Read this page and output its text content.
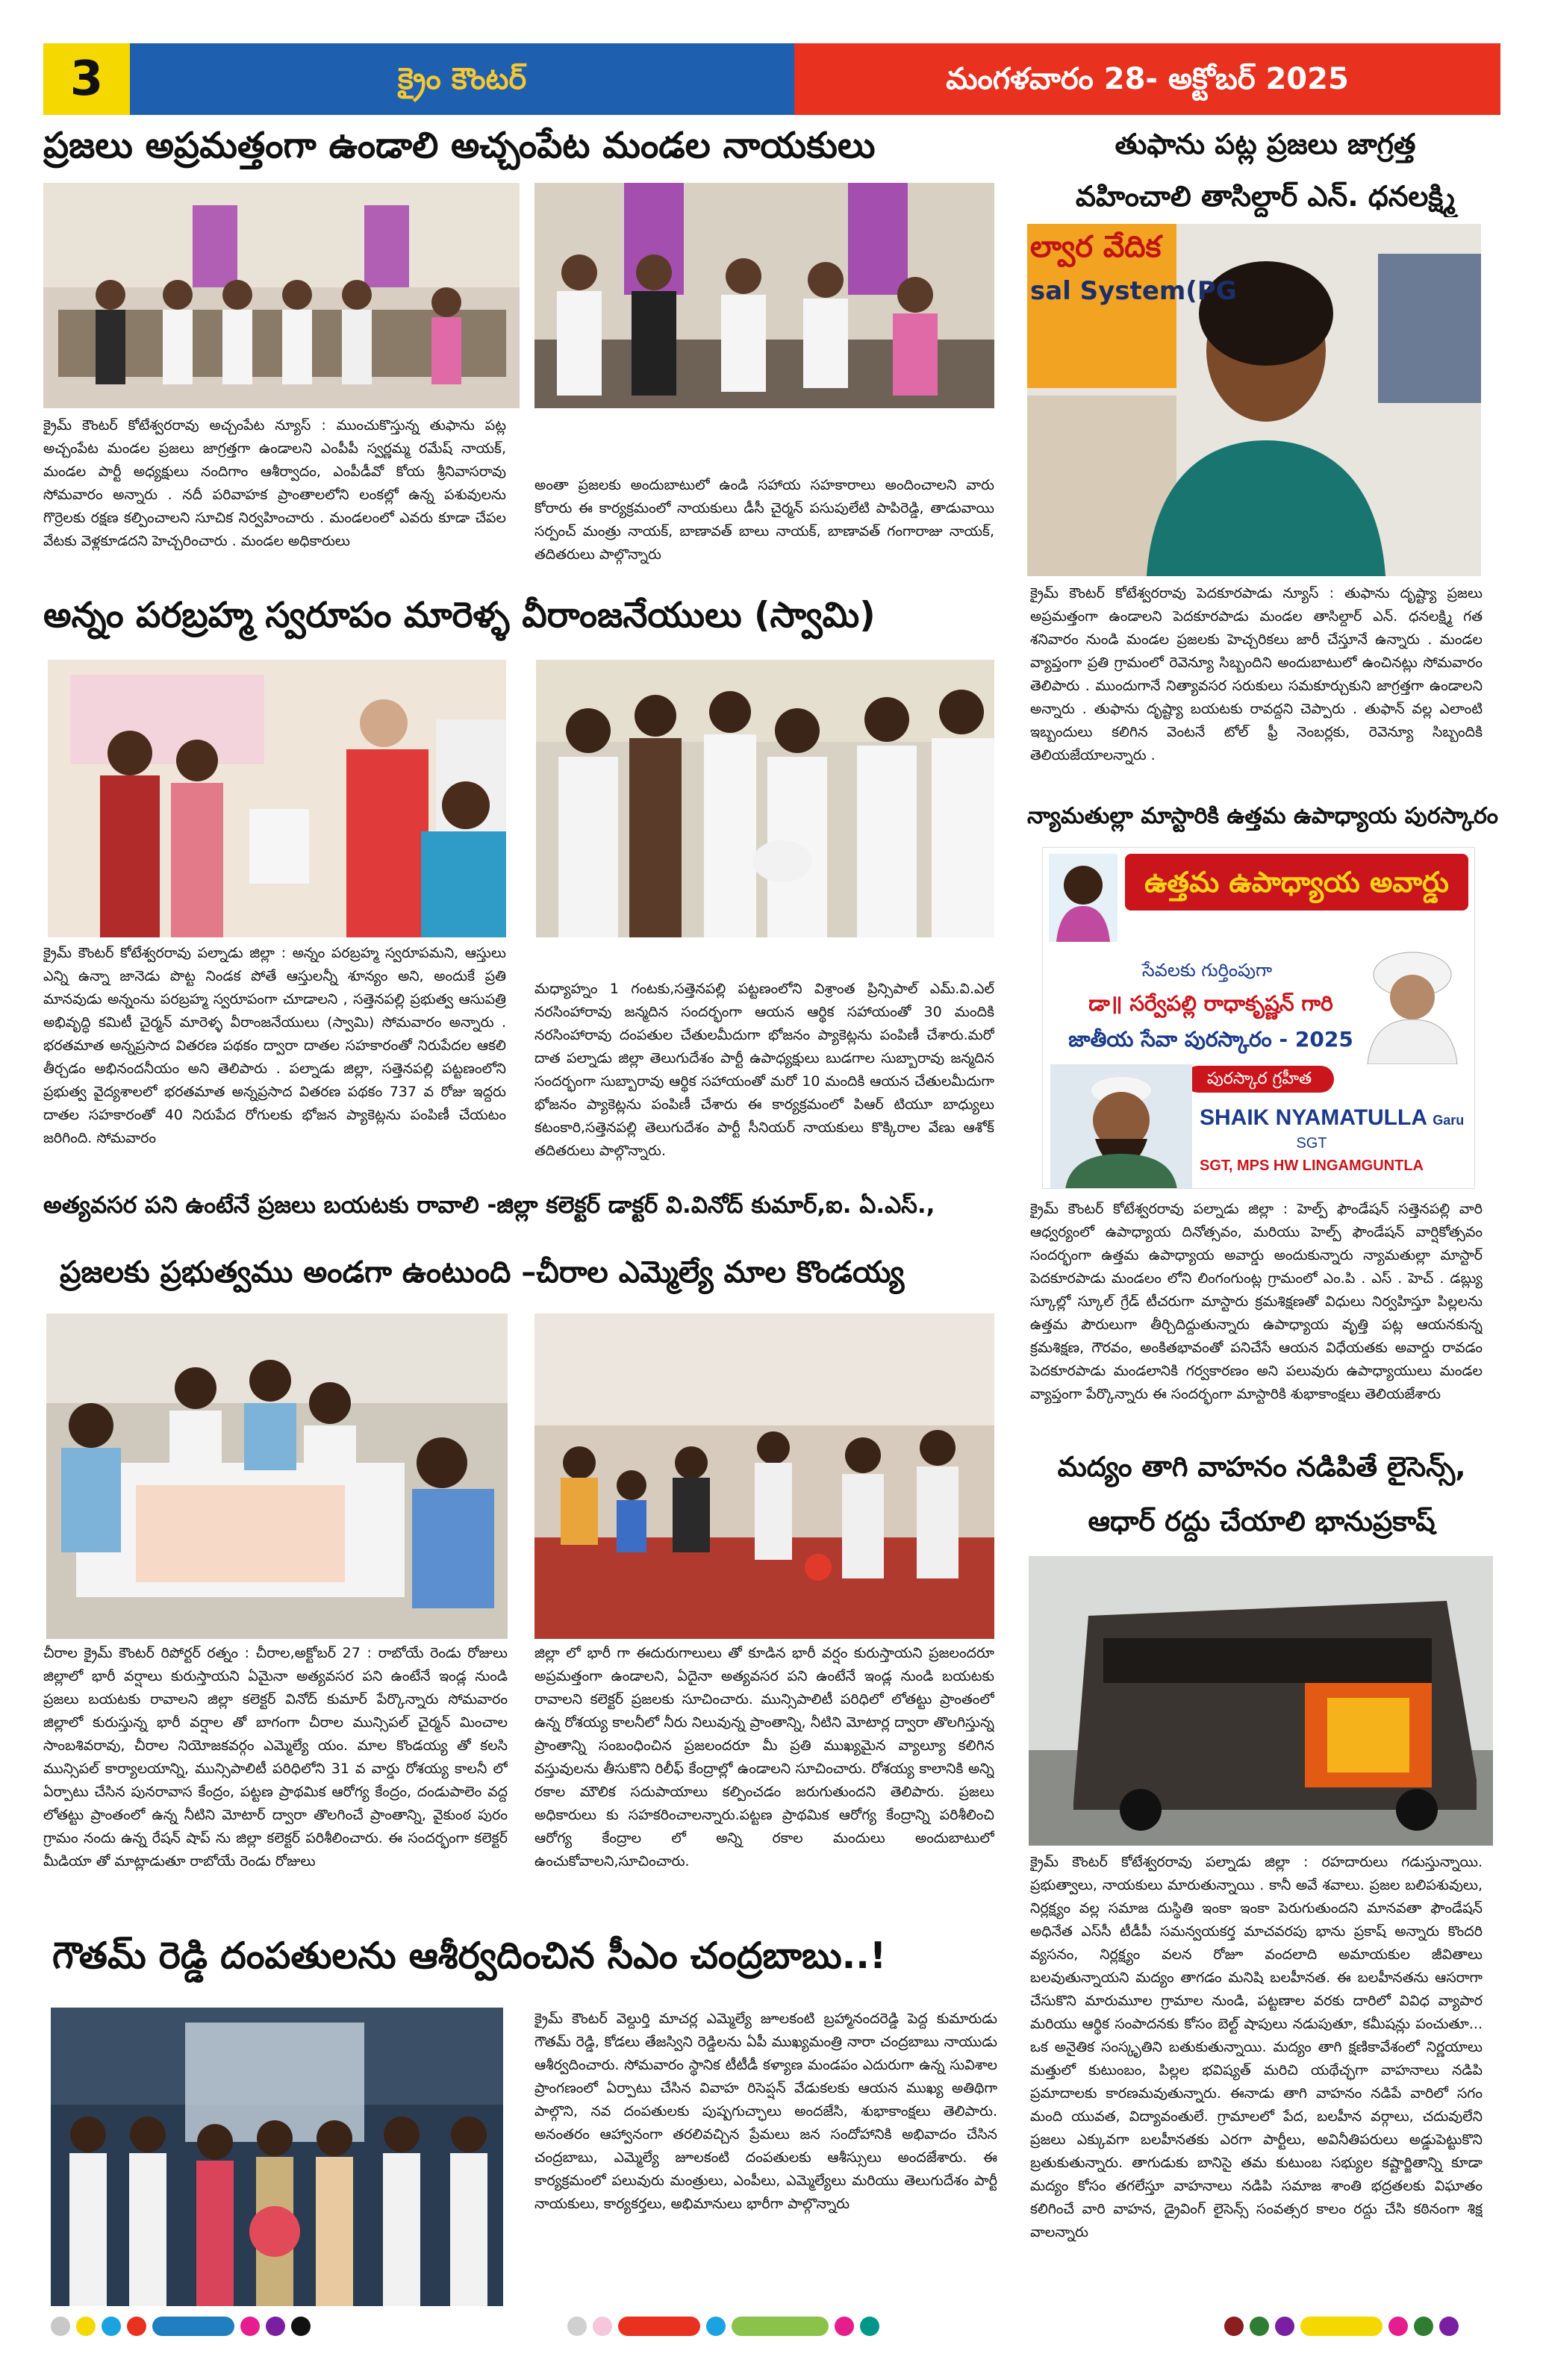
3	క్రైం కౌంటర్	మంగళవారం 28- అక్టోబర్ 2025
ప్రజలు అప్రమత్తంగా ఉండాలి అచ్చంపేట మండల నాయకులు
క్రైమ్ కౌంటర్ కోటేశ్వరరావు అచ్చంపేట న్యూస్ : ముంచుకొస్తున్న తుఫాను పట్ల అచ్చంపేట మండల ప్రజలు జాగ్రత్తగా ఉండాలని ఎంపీపీ స్వర్ణమ్మ రమేష్ నాయక్, మండల పార్టీ అధ్యక్షులు నందిగాం ఆశీర్వాదం, ఎంపీడీవో కోయ శ్రీనివాసరావు సోమవారం అన్నారు . నదీ పరివాహక ప్రాంతాలలోని లంకల్లో ఉన్న పశువులను గొర్రెలకు రక్షణ కల్పించాలని సూచిక నిర్వహించారు . మండలంలో ఎవరు కూడా చేపల వేటకు వెళ్లకూడదని హెచ్చరించారు . మండల అధికారులు
అంతా ప్రజలకు అందుబాటులో ఉండి సహాయ సహకారాలు అందించాలని వారు కోరారు ఈ కార్యక్రమంలో నాయకులు డీసీ చైర్మన్ పసుపులేటి పాపిరెడ్డి, తాడువాయి సర్పంచ్ మంత్రు నాయక్, బాణావత్ బాలు నాయక్, బాణావత్ గంగారాజు నాయక్, తదితరులు పాల్గొన్నారు
తుఫాను పట్ల ప్రజలు జాగ్రత్త
వహించాలి తాసిల్దార్ ఎన్. ధనలక్ష్మి
ల్వార వేదిక
sal System(PG
క్రైమ్ కౌంటర్ కోటేశ్వరరావు పెదకూరపాడు న్యూస్ : తుఫాను దృష్ట్యా ప్రజలు అప్రమత్తంగా ఉండాలని పెదకూరపాడు మండల తాసిల్దార్ ఎన్. ధనలక్ష్మి గత శనివారం నుండి మండల ప్రజలకు హెచ్చరికలు జారీ చేస్తూనే ఉన్నారు . మండల వ్యాప్తంగా ప్రతి గ్రామంలో రెవెన్యూ సిబ్బందిని అందుబాటులో ఉంచినట్లు సోమవారం తెలిపారు . ముందుగానే నిత్యావసర సరుకులు సమకూర్చుకుని జాగ్రత్తగా ఉండాలని అన్నారు . తుఫాను దృష్ట్యా బయటకు రావద్దని చెప్పారు . తుఫాన్ వల్ల ఎలాంటి ఇబ్బందులు కలిగిన వెంటనే టోల్ ఫ్రీ నెంబర్లకు, రెవెన్యూ సిబ్బందికి తెలియజేయాలన్నారు .
అన్నం పరబ్రహ్మ స్వరూపం మారెళ్ళ వీరాంజనేయులు (స్వామి)
క్రైమ్ కౌంటర్ కోటేశ్వరరావు పల్నాడు జిల్లా : అన్నం పరబ్రహ్మ స్వరూపమని, ఆస్తులు ఎన్ని ఉన్నా జానెడు పొట్ట నిండక పోతే ఆస్తులన్నీ శూన్యం అని, అందుకే ప్రతి మానవుడు అన్నంను పరబ్రహ్మ స్వరూపంగా చూడాలని , సత్తెనపల్లి ప్రభుత్వ ఆసుపత్రి అభివృద్ధి కమిటీ చైర్మన్ మారెళ్ళ వీరాంజనేయులు (స్వామి) సోమవారం అన్నారు . భరతమాత అన్నప్రసాద వితరణ పథకం ద్వారా దాతల సహకారంతో నిరుపేదల ఆకలి తీర్చడం అభినందనీయం అని తెలిపారు . పల్నాడు జిల్లా, సత్తెనపల్లి పట్టణంలోని ప్రభుత్వ వైద్యశాలలో భరతమాత అన్నప్రసాద వితరణ పథకం 737 వ రోజు ఇద్దరు దాతల సహకారంతో 40 నిరుపేద రోగులకు భోజన ప్యాకెట్లను పంపిణీ చేయటం జరిగింది. సోమవారం
మధ్యాహ్నం 1 గంటకు,సత్తెనపల్లి పట్టణంలోని విశ్రాంత ప్రిన్సిపాల్ ఎమ్.వి.ఎల్ నరసింహారావు జన్మదిన సందర్భంగా ఆయన ఆర్థిక సహాయంతో 30 మందికి నరసింహారావు దంపతుల చేతులమీదుగా భోజనం ప్యాకెట్లను పంపిణీ చేశారు.మరో దాత పల్నాడు జిల్లా తెలుగుదేశం పార్టీ ఉపాధ్యక్షులు బుడగాల సుబ్బారావు జన్మదిన సందర్భంగా సుబ్బారావు ఆర్థిక సహాయంతో మరో 10 మందికి ఆయన చేతులమీదుగా భోజనం ప్యాకెట్లను పంపిణీ చేశారు ఈ కార్యక్రమంలో పిఆర్ టియూ బాధ్యులు కటంకారి,సత్తెనపల్లి తెలుగుదేశం పార్టీ సీనియర్ నాయకులు కొక్కిరాల వేణు ఆశోక్ తదితరులు పాల్గొన్నారు.
న్యామతుల్లా మాస్టారికి ఉత్తమ ఉపాధ్యాయ పురస్కారం
ఉత్తమ ఉపాధ్యాయ అవార్డు
సేవలకు గుర్తింపుగా
డా॥ సర్వేపల్లి రాధాకృష్ణన్ గారి
జాతీయ సేవా పురస్కారం - 2025
పురస్కార గ్రహీత
SHAIK NYAMATULLA Garu
SGT
SGT, MPS HW LINGAMGUNTLA
క్రైమ్ కౌంటర్ కోటేశ్వరరావు పల్నాడు జిల్లా : హెల్ప్ ఫౌండేషన్ సత్తెనపల్లి వారి ఆధ్వర్యంలో ఉపాధ్యాయ దినోత్సవం, మరియు హెల్ప్ ఫౌండేషన్ వార్షికోత్సవం సందర్భంగా ఉత్తమ ఉపాధ్యాయ అవార్డు అందుకున్నారు న్యామతుల్లా మాస్టార్ పెదకూరపాడు మండలం లోని లింగంగుంట్ల గ్రామంలో ఎం.పి . ఎస్ . హెచ్ . డబ్ల్యు స్కూల్లో స్కూల్ గ్రేడ్ టీచరుగా మాస్టారు క్రమశిక్షణతో విధులు నిర్వహిస్తూ పిల్లలను ఉత్తమ పౌరులుగా తీర్చిదిద్దుతున్నారు ఉపాధ్యాయ వృత్తి పట్ల ఆయనకున్న క్రమశిక్షణ, గౌరవం, అంకితభావంతో పనిచేసే ఆయన విధేయతకు అవార్డు రావడం పెదకూరపాడు మండలానికి గర్వకారణం అని పలువురు ఉపాధ్యాయులు మండల వ్యాప్తంగా పేర్కొన్నారు ఈ సందర్భంగా మాస్టారికి శుభాకాంక్షలు తెలియజేశారు
అత్యవసర పని ఉంటేనే ప్రజలు బయటకు రావాలి -జిల్లా కలెక్టర్ డాక్టర్ వి.వినోద్ కుమార్,ఐ. ఏ.ఎస్.,
ప్రజలకు ప్రభుత్వము అండగా ఉంటుంది –చీరాల ఎమ్మెల్యే మాల కొండయ్య
చీరాల క్రైమ్ కౌంటర్ రిపోర్టర్ రత్నం : చీరాల,అక్టోబర్ 27 : రాబోయే రెండు రోజులు జిల్లాలో భారీ వర్షాలు కురుస్తాయని ఏమైనా అత్యవసర పని ఉంటేనే ఇండ్ల నుండి ప్రజలు బయటకు రావాలని జిల్లా కలెక్టర్ వినోద్ కుమార్ పేర్కొన్నారు సోమవారం జిల్లాలో కురుస్తున్న భారీ వర్షాల తో బాగంగా చీరాల మున్సిపల్ చైర్మన్ మించాల సాంబశివరావు, చీరాల నియోజకవర్గం ఎమ్మెల్యే యం. మాల కొండయ్య తో కలసి మున్సిపల్ కార్యాలయాన్ని, మున్సిపాలిటీ పరిధిలోని 31 వ వార్డు రోశయ్య కాలనీ లో ఏర్పాటు చేసిన పునరావాస కేంద్రం, పట్టణ ప్రాథమిక ఆరోగ్య కేంద్రం, దండుపాలెం వద్ద లోతట్టు ప్రాంతంలో ఉన్న నీటిని మోటార్ ద్వారా తొలగించే ప్రాంతాన్ని, వైకుంఠ పురం గ్రామం నందు ఉన్న రేషన్ షాప్ ను జిల్లా కలెక్టర్ పరిశీలించారు. ఈ సందర్భంగా కలెక్టర్ మీడియా తో మాట్లాడుతూ రాబోయే రెండు రోజులు
జిల్లా లో భారీ గా ఈదురుగాలులు తో కూడిన భారీ వర్షం కురుస్తాయని ప్రజలందరూ అప్రమత్తంగా ఉండాలని, ఏదైనా అత్యవసర పని ఉంటేనే ఇండ్ల నుండి బయటకు రావాలని కలెక్టర్ ప్రజలకు సూచించారు. మున్సిపాలిటీ పరిధిలో లోతట్టు ప్రాంతంలో ఉన్న రోశయ్య కాలనీలో నీరు నిలువున్న ప్రాంతాన్ని, నీటిని మోటార్ల ద్వారా తొలగిస్తున్న ప్రాంతాన్ని సంబంధించిన ప్రజలందరూ మీ ప్రతి ముఖ్యమైన వ్యాల్యూ కలిగిన వస్తువులను తీసుకొని రిలీఫ్ కేంద్రాల్లో ఉండాలని సూచించారు. రోశయ్య కాలానికి అన్ని రకాల మౌలిక సదుపాయాలు కల్పించడం జరుగుతుందని తెలిపారు. ప్రజలు అధికారులు కు సహకరించాలన్నారు.పట్టణ ప్రాథమిక ఆరోగ్య కేంద్రాన్ని పరిశీలించి ఆరోగ్య కేంద్రాల లో అన్ని రకాల మందులు అందుబాటులో ఉంచుకోవాలని,సూచించారు.
మద్యం తాగి వాహనం నడిపితే లైసెన్స్,
ఆధార్ రద్దు చేయాలి భానుప్రకాష్
క్రైమ్ కౌంటర్ కోటేశ్వరరావు పల్నాడు జిల్లా : రహదారులు గడుస్తున్నాయి. ప్రభుత్వాలు, నాయకులు మారుతున్నాయి . కానీ అవే శవాలు. ప్రజల బలిపశువులు, నిర్లక్ష్యం వల్ల సమాజ దుస్థితి ఇంకా ఇంకా పెరుగుతుందని మానవతా ఫౌండేషన్ అధినేత ఎస్‌సీ టీడీపీ సమన్వయకర్త మాచవరపు భాను ప్రకాష్ అన్నారు కొందరి వ్యసనం, నిర్లక్ష్యం వలన రోజూ వందలాది అమాయకుల జీవితాలు బలవుతున్నాయని మద్యం తాగడం మనిషి బలహీనత. ఈ బలహీనతను ఆసరాగా చేసుకొని మారుమూల గ్రామాల నుండి, పట్టణాల వరకు దారిలో వివిధ వ్యాపార మరియు ఆర్థిక సంపాదనకు కోసం బెల్ట్ షాపులు నడుపుతూ, కమీషన్లు పంచుతూ... ఒక అనైతిక సంస్కృతిని బతుకుతున్నాయి. మద్యం తాగి క్షణికావేశంలో నిర్ణయాలు మత్తులో కుటుంబం, పిల్లల భవిష్యత్ మరిచి యథేచ్ఛగా వాహనాలు నడిపి ప్రమాదాలకు కారణమవుతున్నారు. ఈనాడు తాగి వాహనం నడిపే వారిలో సగం మంది యువత, విద్యావంతులే. గ్రామాలలో పేద, బలహీన వర్గాలు, చదువులేని ప్రజలు ఎక్కువగా బలహీనతకు ఎరగా పార్టీలు, అవినీతిపరులు అడ్డుపెట్టుకొని బ్రతుకుతున్నారు. తాగుడుకు బానిసై తమ కుటుంబ సభ్యుల కష్టార్జితాన్ని కూడా మద్యం కోసం తగలేస్తూ వాహనాలు నడిపి సమాజ శాంతి భద్రతలకు విఘాతం కలిగించే వారి వాహన, డ్రైవింగ్ లైసెన్స్ సంవత్సర కాలం రద్దు చేసి కఠినంగా శిక్ష వాలన్నారు
గౌతమ్ రెడ్డి దంపతులను ఆశీర్వదించిన సీఎం చంద్రబాబు..!
క్రైమ్ కౌంటర్ వెల్దుర్తి మాచర్ల ఎమ్మెల్యే జూలకంటి బ్రహ్మానందరెడ్డి పెద్ద కుమారుడు గౌతమ్ రెడ్డి, కోడలు తేజస్విని రెడ్డిలను ఏపీ ముఖ్యమంత్రి నారా చంద్రబాబు నాయుడు ఆశీర్వదించారు. సోమవారం స్థానిక టీటీడీ కళ్యాణ మండపం ఎదురుగా ఉన్న సువిశాల ప్రాంగణంలో ఏర్పాటు చేసిన వివాహ రిసెప్షన్ వేడుకలకు ఆయన ముఖ్య అతిథిగా పాల్గొని, నవ దంపతులకు పుష్పగుచ్ఛాలు అందజేసి, శుభాకాంక్షలు తెలిపారు. అనంతరం ఆహ్వానంగా తరలివచ్చిన ప్రేమలు జన సందోహానికి అభివాదం చేసిన చంద్రబాబు, ఎమ్మెల్యే జూలకంటి దంపతులకు ఆశీస్సులు అందజేశారు. ఈ కార్యక్రమంలో పలువురు మంత్రులు, ఎంపీలు, ఎమ్మెల్యేలు మరియు తెలుగుదేశం పార్టీ నాయకులు, కార్యకర్తలు, అభిమానులు భారీగా పాల్గొన్నారు
